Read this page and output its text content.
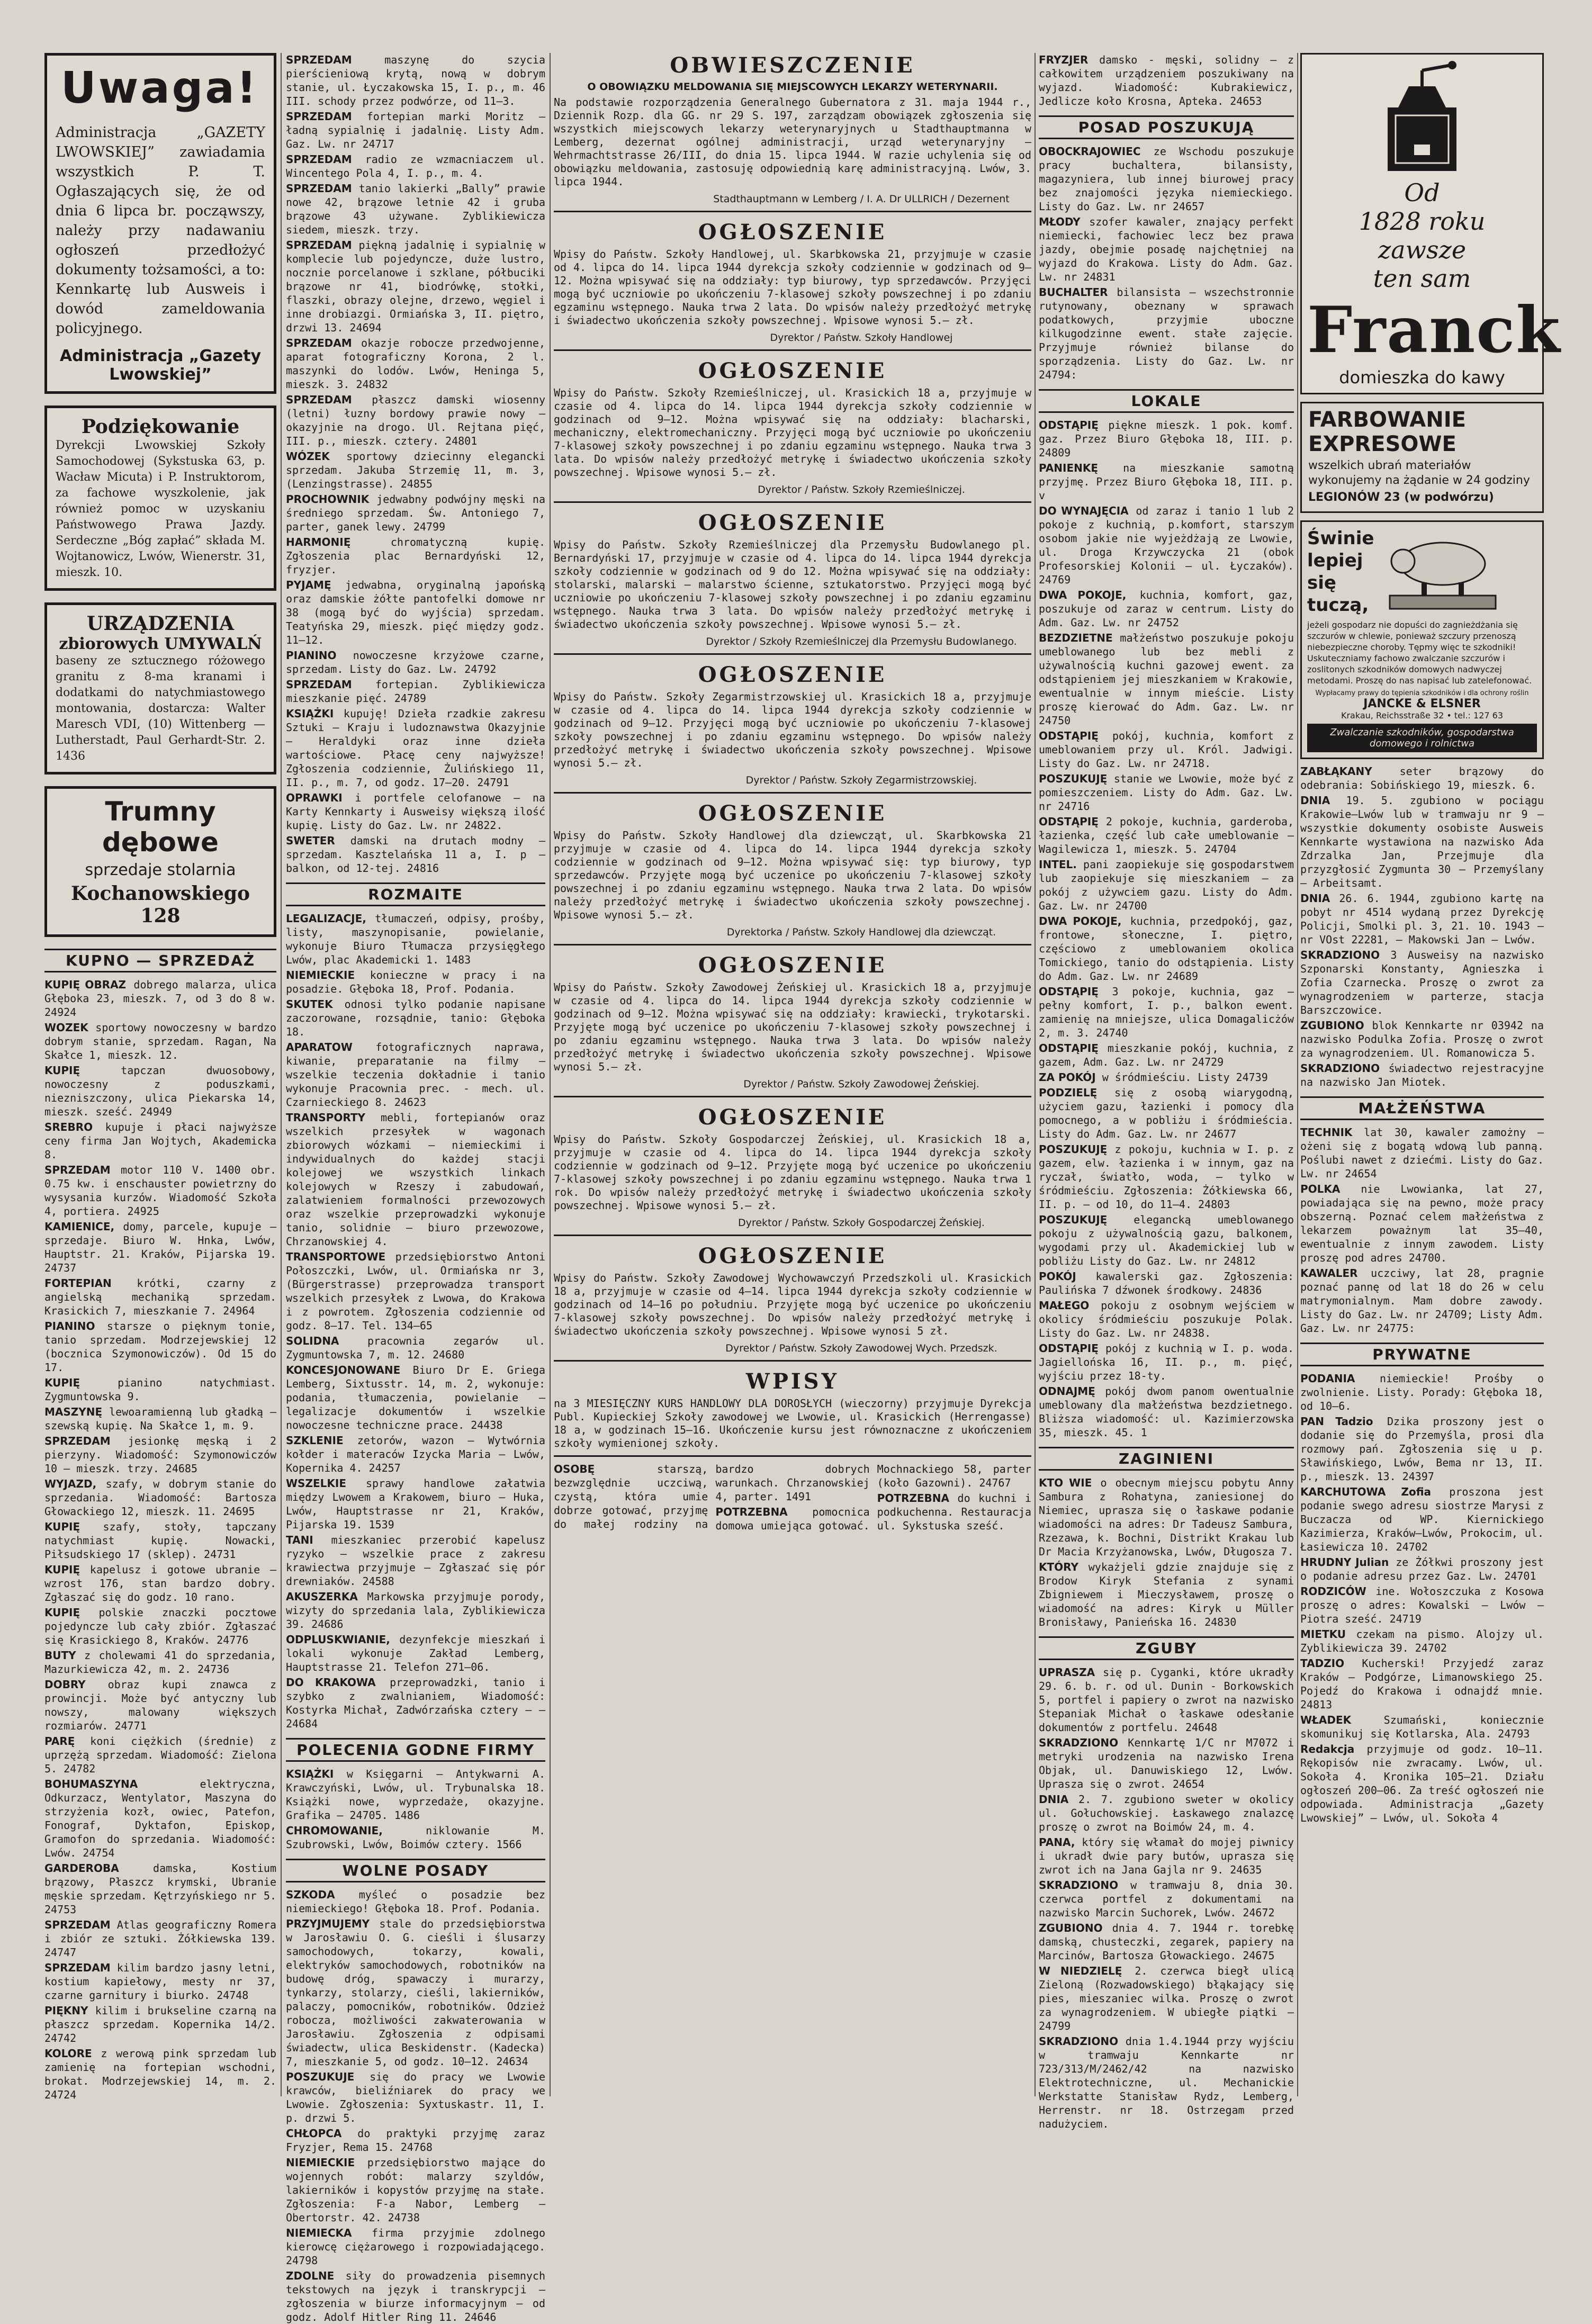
Uwaga!

Administracja „GAZETY LWOWSKIEJ” zawiadamia wszystkich P. T. Ogłaszających się, że od dnia 6 lipca br. począwszy, należy przy nadawaniu ogłoszeń przedłożyć dokumenty tożsamości, a to: Kennkartę lub Ausweis i dowód zameldowania policyjnego.

Administracja „Gazety Lwowskiej”
Podziękowanie

Dyrekcji Lwowskiej Szkoły Samochodowej (Sykstuska 63, p. Wacław Micuta) i P. Instruktorom, za fachowe wyszkolenie, jak również pomoc w uzyskaniu Państwowego Prawa Jazdy. Serdeczne „Bóg zapłać” składa M. Wojtanowicz, Lwów, Wienerstr. 31, mieszk. 10.

URZĄDZENIA
zbiorowych UMYWALŃ

baseny ze sztucznego różowego granitu z 8-ma kranami i dodatkami do natychmiastowego montowania, dostarcza: Walter Maresch VDI, (10) Wittenberg — Lutherstadt, Paul Gerhardt-Str. 2. 1436

Trumny dębowe
sprzedaje stolarnia
Kochanowskiego 128
KUPNO — SPRZEDAŻ

KUPIĘ OBRAZ dobrego malarza, ulica Głęboka 23, mieszk. 7, od 3 do 8 w. 24924

WOZEK sportowy nowoczesny w bardzo dobrym stanie, sprzedam. Ragan, Na Skałce 1, mieszk. 12.

KUPIĘ tapczan dwuosobowy, nowoczesny z poduszkami, niezniszczony, ulica Piekarska 14, mieszk. sześć. 24949

SREBRO kupuje i płaci najwyższe ceny firma Jan Wojtych, Akademicka 8.

SPRZEDAM motor 110 V. 1400 obr. 0.75 kw. i enschauster powietrzny do wysysania kurzów. Wiadomość Szkoła 4, portiera. 24925

KAMIENICE, domy, parcele, kupuje — sprzedaje. Biuro W. Hnka, Lwów, Hauptstr. 21. Kraków, Pijarska 19. 24737

FORTEPIAN krótki, czarny z angielską mechaniką sprzedam. Krasickich 7, mieszkanie 7. 24964

PIANINO starsze o pięknym tonie, tanio sprzedam. Modrzejewskiej 12 (bocznica Szymonowiczów). Od 15 do 17.

KUPIĘ pianino natychmiast. Zygmuntowska 9.

MASZYNĘ lewoaramienną lub gładką — szewską kupię. Na Skałce 1, m. 9.

SPRZEDAM jesionkę męską i 2 pierzyny. Wiadomość: Szymonowiczów 10 — mieszk. trzy. 24685

WYJAZD, szafy, w dobrym stanie do sprzedania. Wiadomość: Bartosza Głowackiego 12, mieszk. 11. 24695

KUPIĘ szafy, stoły, tapczany natychmiast kupię. Nowacki, Piłsudskiego 17 (sklep). 24731

KUPIĘ kapelusz i gotowe ubranie — wzrost 176, stan bardzo dobry. Zgłaszać się do godz. 10 rano.

KUPIĘ polskie znaczki pocztowe pojedyncze lub cały zbiór. Zgłaszać się Krasickiego 8, Kraków. 24776

BUTY z cholewami 41 do sprzedania, Mazurkiewicza 42, m. 2. 24736

DOBRY obraz kupi znawca z prowincji. Może być antyczny lub nowszy, malowany większych rozmiarów. 24771

PARĘ koni ciężkich (średnie) z uprzężą sprzedam. Wiadomość: Zielona 5. 24782

BOHUMASZYNA elektryczna, Odkurzacz, Wentylator, Maszyna do strzyżenia kozł, owiec, Patefon, Fonograf, Dyktafon, Episkop, Gramofon do sprzedania. Wiadomość: Lwów. 24754

GARDEROBA damska, Kostium brązowy, Płaszcz krymski, Ubranie męskie sprzedam. Kętrzyńskiego nr 5. 24753

SPRZEDAM Atlas geograficzny Romera i zbiór ze sztuki. Żółkiewska 139. 24747

SPRZEDAM kilim bardzo jasny letni, kostium kapiełowy, mesty nr 37, czarne garnitury i biurko. 24748

PIĘKNY kilim i brukseline czarną na płaszcz sprzedam. Kopernika 14/2. 24742

KOLORE z werową pink sprzedam lub zamienię na fortepian wschodni, brokat. Modrzejewskiej 14, m. 2. 24724

SPRZEDAM maszynę do szycia pierścieniową krytą, nową w dobrym stanie, ul. Łyczakowska 15, I. p., m. 46 III. schody przez podwórze, od 11—3.

SPRZEDAM fortepian marki Moritz — ładną sypialnię i jadalnię. Listy Adm. Gaz. Lw. nr 24717

SPRZEDAM radio ze wzmacniaczem ul. Wincentego Pola 4, I. p., m. 4.

SPRZEDAM tanio lakierki „Bally” prawie nowe 42, brązowe letnie 42 i gruba brązowe 43 używane. Zyblikiewicza siedem, mieszk. trzy.

SPRZEDAM piękną jadalnię i sypialnię w komplecie lub pojedyncze, duże lustro, nocznie porcelanowe i szklane, półbuciki brązowe nr 41, biodrówkę, stołki, flaszki, obrazy olejne, drzewo, węgiel i inne drobiazgi. Ormiańska 3, II. piętro, drzwi 13. 24694

SPRZEDAM okazje robocze przedwojenne, aparat fotograficzny Korona, 2 l. maszynki do lodów. Lwów, Heninga 5, mieszk. 3. 24832

SPRZEDAM płaszcz damski wiosenny (letni) łuzny bordowy prawie nowy — okazyjnie na drogo. Ul. Rejtana pięć, III. p., mieszk. cztery. 24801

WÓZEK sportowy dziecinny elegancki sprzedam. Jakuba Strzemię 11, m. 3, (Lenzingstrasse). 24855

PROCHOWNIK jedwabny podwójny męski na średniego sprzedam. Św. Antoniego 7, parter, ganek lewy. 24799

HARMONIĘ chromatyczną kupię. Zgłoszenia plac Bernardyński 12, fryzjer.

PYJAMĘ jedwabna, oryginalną japońską oraz damskie żółte pantofelki domowe nr 38 (mogą być do wyjścia) sprzedam. Teatyńska 29, mieszk. pięć między godz. 11—12.

PIANINO nowoczesne krzyżowe czarne, sprzedam. Listy do Gaz. Lw. 24792

SPRZEDAM fortepian. Zyblikiewicza mieszkanie pięć. 24789

KSIĄŻKI kupuję! Dzieła rzadkie zakresu Sztuki — Kraju i ludoznawstwa Okazyjnie — Heraldyki oraz inne dzieła wartościowe. Płacę ceny najwyższe! Zgłoszenia codziennie, Żulińskiego 11, II. p., m. 7, od godz. 17—20. 24791

OPRAWKI i portfele celofanowe — na Karty Kennkarty i Ausweisy większą ilość kupię. Listy do Gaz. Lw. nr 24822.

SWETER damski na drutach modny — sprzedam. Kasztelańska 11 a, I. p — balkon, od 12-tej. 24816

ROZMAITE

LEGALIZACJE, tłumaczeń, odpisy, prośby, listy, maszynopisanie, powielanie, wykonuje Biuro Tłumacza przysięgłego Lwów, plac Akademicki 1. 1483

NIEMIECKIE konieczne w pracy i na posadzie. Głęboka 18, Prof. Podania.

SKUTEK odnosi tylko podanie napisane zaczorowane, rozsądnie, tanio: Głęboka 18.

APARATOW fotograficznych naprawa, kiwanie, preparatanie na filmy — wszelkie teczenia dokładnie i tanio wykonuje Pracownia prec. - mech. ul. Czarnieckiego 8. 24623

TRANSPORTY mebli, fortepianów oraz wszelkich przesyłek w wagonach zbiorowych wózkami — niemieckimi i indywidualnych do każdej stacji kolejowej we wszystkich linkach kolejowych w Rzeszy i zabudowań, zalatwieniem formalności przewozowych oraz wszelkie przeprowadzki wykonuje tanio, solidnie — biuro przewozowe, Chrzanowskiej 4.

TRANSPORTOWE przedsiębiorstwo Antoni Połoszczki, Lwów, ul. Ormiańska nr 3, (Bürgerstrasse) przeprowadza transport wszelkich przesyłek z Lwowa, do Krakowa i z powrotem. Zgłoszenia codziennie od godz. 8—17. Tel. 134—65

SOLIDNA pracownia zegarów ul. Zygmuntowska 7, m. 12. 24680

KONCESJONOWANE Biuro Dr E. Griega Lemberg, Sixtusstr. 14, m. 2, wykonuje: podania, tłumaczenia, powielanie — legalizacje dokumentów i wszelkie nowoczesne techniczne prace. 24438

SZKLENIE zetorów, wazon — Wytwórnia kołder i materaców Izycka Maria — Lwów, Kopernika 4. 24257

WSZELKIE sprawy handlowe załatwia między Lwowem a Krakowem, biuro — Huka, Lwów, Hauptstrasse nr 21, Kraków, Pijarska 19. 1539

TANI mieszkaniec przerobić kapelusz ryzyko — wszelkie prace z zakresu krawiectwa przyjmuje — Zgłaszać się pór drewniaków. 24588

AKUSZERKA Markowska przyjmuje porody, wizyty do sprzedania lala, Zyblikiewicza 39. 24686

ODPLUSKWIANIE, dezynfekcje mieszkań i lokali wykonuje Zakład Lemberg, Hauptstrasse 21. Telefon 271—06.

DO KRAKOWA przeprowadzki, tanio i szybko z zwalnianiem, Wiadomość: Kostyrka Michał, Zadwórzańska cztery — — 24684

POLECENIA GODNE FIRMY

KSIĄŻKI w Księgarni — Antykwarni A. Krawczyński, Lwów, ul. Trybunalska 18. Książki nowe, wyprzedaże, okazyjne. Grafika — 24705. 1486

CHROMOWANIE, niklowanie M. Szubrowski, Lwów, Boimów cztery. 1566

WOLNE POSADY

SZKODA myśleć o posadzie bez niemieckiego! Głęboka 18. Prof. Podania.

PRZYJMUJEMY stale do przedsiębiorstwa w Jarosławiu O. G. cieśli i ślusarzy samochodowych, tokarzy, kowali, elektryków samochodowych, robotników na budowę dróg, spawaczy i murarzy, tynkarzy, stolarzy, cieśli, lakierników, palaczy, pomocników, robotników. Odzież robocza, możliwości zakwaterowania w Jarosławiu. Zgłoszenia z odpisami świadectw, ulica Beskidenstr. (Kadecka) 7, mieszkanie 5, od godz. 10—12. 24634

POSZUKUJE się do pracy we Lwowie krawców, bieliźniarek do pracy we Lwowie. Zgłoszenia: Syxtuskastr. 11, I. p. drzwi 5.

CHŁOPCA do praktyki przyjmę zaraz Fryzjer, Rema 15. 24768

NIEMIECKIE przedsiębiorstwo mające do wojennych robót: malarzy szyldów, lakierników i kopystów przyjmę na stałe. Zgłoszenia: F-a Nabor, Lemberg — Obertorstr. 42. 24738

NIEMIECKA firma przyjmie zdolnego kierowcę ciężarowego i rozpowiadającego. 24798

ZDOLNE siły do prowadzenia pisemnych tekstowych na język i transkrypcji — zgłoszenia w biurze informacyjnym — od godz. Adolf Hitler Ring 11. 24646

OBWIESZCZENIE
O OBOWIĄZKU MELDOWANIA SIĘ MIEJSCOWYCH LEKARZY WETERYNARII.

Na podstawie rozporządzenia Generalnego Gubernatora z 31. maja 1944 r., Dziennik Rozp. dla GG. nr 29 S. 197, zarządzam obowiązek zgłoszenia się wszystkich miejscowych lekarzy weterynaryjnych u Stadthauptmanna w Lemberg, dezernat ogólnej administracji, urząd weterynaryjny — Wehrmachtstrasse 26/III, do dnia 15. lipca 1944. W razie uchylenia się od obowiązku meldowania, zastosuję odpowiednią karę administracyjną. Lwów, 3. lipca 1944.

Stadthauptmann w Lemberg / I. A. Dr ULLRICH / Dezernent
OGŁOSZENIE

Wpisy do Państw. Szkoły Handlowej, ul. Skarbkowska 21, przyjmuje w czasie od 4. lipca do 14. lipca 1944 dyrekcja szkoły codziennie w godzinach od 9—12. Można wpisywać się na oddziały: typ biurowy, typ sprzedawców. Przyjęci mogą być uczniowie po ukończeniu 7-klasowej szkoły powszechnej i po zdaniu egzaminu wstępnego. Nauka trwa 2 lata. Do wpisów należy przedłożyć metrykę i świadectwo ukończenia szkoły powszechnej. Wpisowe wynosi 5.— zł.

Dyrektor / Państw. Szkoły Handlowej
OGŁOSZENIE

Wpisy do Państw. Szkoły Rzemieślniczej, ul. Krasickich 18 a, przyjmuje w czasie od 4. lipca do 14. lipca 1944 dyrekcja szkoły codziennie w godzinach od 9—12. Można wpisywać się na oddziały: blacharski, mechaniczny, elektromechaniczny. Przyjęci mogą być uczniowie po ukończeniu 7-klasowej szkoły powszechnej i po zdaniu egzaminu wstępnego. Nauka trwa 3 lata. Do wpisów należy przedłożyć metrykę i świadectwo ukończenia szkoły powszechnej. Wpisowe wynosi 5.— zł.

Dyrektor / Państw. Szkoły Rzemieślniczej.
OGŁOSZENIE

Wpisy do Państw. Szkoły Rzemieślniczej dla Przemysłu Budowlanego pl. Bernardyński 17, przyjmuje w czasie od 4. lipca do 14. lipca 1944 dyrekcja szkoły codziennie w godzinach od 9 do 12. Można wpisywać się na oddziały: stolarski, malarski — malarstwo ścienne, sztukatorstwo. Przyjęci mogą być uczniowie po ukończeniu 7-klasowej szkoły powszechnej i po zdaniu egzaminu wstępnego. Nauka trwa 3 lata. Do wpisów należy przedłożyć metrykę i świadectwo ukończenia szkoły powszechnej. Wpisowe wynosi 5.— zł.

Dyrektor / Szkoły Rzemieślniczej dla Przemysłu Budowlanego.
OGŁOSZENIE

Wpisy do Państw. Szkoły Zegarmistrzowskiej ul. Krasickich 18 a, przyjmuje w czasie od 4. lipca do 14. lipca 1944 dyrekcja szkoły codziennie w godzinach od 9—12. Przyjęci mogą być uczniowie po ukończeniu 7-klasowej szkoły powszechnej i po zdaniu egzaminu wstępnego. Do wpisów należy przedłożyć metrykę i świadectwo ukończenia szkoły powszechnej. Wpisowe wynosi 5.— zł.

Dyrektor / Państw. Szkoły Zegarmistrzowskiej.
OGŁOSZENIE

Wpisy do Państw. Szkoły Handlowej dla dziewcząt, ul. Skarbkowska 21 przyjmuje w czasie od 4. lipca do 14. lipca 1944 dyrekcja szkoły codziennie w godzinach od 9—12. Można wpisywać się: typ biurowy, typ sprzedawców. Przyjęte mogą być uczenice po ukończeniu 7-klasowej szkoły powszechnej i po zdaniu egzaminu wstępnego. Nauka trwa 2 lata. Do wpisów należy przedłożyć metrykę i świadectwo ukończenia szkoły powszechnej. Wpisowe wynosi 5.— zł.

Dyrektorka / Państw. Szkoły Handlowej dla dziewcząt.
OGŁOSZENIE

Wpisy do Państw. Szkoły Zawodowej Żeńskiej ul. Krasickich 18 a, przyjmuje w czasie od 4. lipca do 14. lipca 1944 dyrekcja szkoły codziennie w godzinach od 9—12. Można wpisywać się na oddziały: krawiecki, trykotarski. Przyjęte mogą być uczenice po ukończeniu 7-klasowej szkoły powszechnej i po zdaniu egzaminu wstępnego. Nauka trwa 3 lata. Do wpisów należy przedłożyć metrykę i świadectwo ukończenia szkoły powszechnej. Wpisowe wynosi 5.— zł.

Dyrektor / Państw. Szkoły Zawodowej Żeńskiej.
OGŁOSZENIE

Wpisy do Państw. Szkoły Gospodarczej Żeńskiej, ul. Krasickich 18 a, przyjmuje w czasie od 4. lipca do 14. lipca 1944 dyrekcja szkoły codziennie w godzinach od 9—12. Przyjęte mogą być uczenice po ukończeniu 7-klasowej szkoły powszechnej i po zdaniu egzaminu wstępnego. Nauka trwa 1 rok. Do wpisów należy przedłożyć metrykę i świadectwo ukończenia szkoły powszechnej. Wpisowe wynosi 5.— zł.

Dyrektor / Państw. Szkoły Gospodarczej Żeńskiej.
OGŁOSZENIE

Wpisy do Państw. Szkoły Zawodowej Wychowawczyń Przedszkoli ul. Krasickich 18 a, przyjmuje w czasie od 4—14. lipca 1944 dyrekcja szkoły codziennie w godzinach od 14—16 po południu. Przyjęte mogą być uczenice po ukończeniu 7-klasowej szkoły powszechnej. Do wpisów należy przedłożyć metrykę i świadectwo ukończenia szkoły powszechnej. Wpisowe wynosi 5 zł.

Dyrektor / Państw. Szkoły Zawodowej Wych. Przedszk.
WPISY

na 3 MIESIĘCZNY KURS HANDLOWY DLA DOROSŁYCH (wieczorny) przyjmuje Dyrekcja Publ. Kupieckiej Szkoły zawodowej we Lwowie, ul. Krasickich (Herrengasse) 18 a, w godzinach 15—16. Ukończenie kursu jest równoznaczne z ukończeniem szkoły wymienionej szkoły.

OSOBĘ starszą, bezwzględnie uczciwą, czystą, która umie dobrze gotować, przyjmę do małej rodziny na bardzo dobrych warunkach. Chrzanowskiej 4, parter. 1491

POTRZEBNA pomocnica domowa umiejąca gotować. Mochnackiego 58, parter (koło Gazowni). 24767

POTRZEBNA do kuchni i podkuchenna. Restauracja ul. Sykstuska sześć.

FRYZJER damsko - męski, solidny — z całkowitem urządzeniem poszukiwany na wyjazd. Wiadomość: Kubrakiewicz, Jedlicze koło Krosna, Apteka. 24653

POSAD POSZUKUJĄ

OBOCKRAJOWIEC ze Wschodu poszukuje pracy buchaltera, bilansisty, magazyniera, lub innej biurowej pracy bez znajomości języka niemieckiego. Listy do Gaz. Lw. nr 24657

MŁODY szofer kawaler, znający perfekt niemiecki, fachowiec lecz bez prawa jazdy, obejmie posadę najchętniej na wyjazd do Krakowa. Listy do Adm. Gaz. Lw. nr 24831

BUCHALTER bilansista — wszechstronnie rutynowany, obeznany w sprawach podatkowych, przyjmie uboczne kilkugodzinne ewent. stałe zajęcie. Przyjmuje również bilanse do sporządzenia. Listy do Gaz. Lw. nr 24794:

LOKALE

ODSTĄPIĘ piękne mieszk. 1 pok. komf. gaz. Przez Biuro Głęboka 18, III. p. 24809

PANIENKĘ na mieszkanie samotną przyjmę. Przez Biuro Głęboka 18, III. p. v

DO WYNAJĘCIA od zaraz i tanio 1 lub 2 pokoje z kuchnią, p.komfort, starszym osobom jakie nie wyjeżdżają ze Lwowie, ul. Droga Krzywczycka 21 (obok Profesorskiej Kolonii — ul. Łyczaków). 24769

DWA POKOJE, kuchnia, komfort, gaz, poszukuje od zaraz w centrum. Listy do Adm. Gaz. Lw. nr 24752

BEZDZIETNE małżeństwo poszukuje pokoju umeblowanego lub bez mebli z używalnością kuchni gazowej ewent. za odstąpieniem jej mieszkaniem w Krakowie, ewentualnie w innym mieście. Listy proszę kierować do Adm. Gaz. Lw. nr 24750

ODSTĄPIĘ pokój, kuchnia, komfort z umeblowaniem przy ul. Król. Jadwigi. Listy do Gaz. Lw. nr 24718.

POSZUKUJĘ stanie we Lwowie, może być z pomieszczeniem. Listy do Adm. Gaz. Lw. nr 24716

ODSTĄPIĘ 2 pokoje, kuchnia, garderoba, łazienka, część lub całe umeblowanie — Wagilewicza 1, mieszk. 5. 24704

INTEL. pani zaopiekuje się gospodarstwem lub zaopiekuje się mieszkaniem — za pokój z używciem gazu. Listy do Adm. Gaz. Lw. nr 24700

DWA POKOJE, kuchnia, przedpokój, gaz, frontowe, słoneczne, I. piętro, częściowo z umeblowaniem okolica Tomickiego, tanio do odstąpienia. Listy do Adm. Gaz. Lw. nr 24689

ODSTĄPIĘ 3 pokoje, kuchnia, gaz — pełny komfort, I. p., balkon ewent. zamienię na mniejsze, ulica Domagalicżów 2, m. 3. 24740

ODSTĄPIĘ mieszkanie pokój, kuchnia, z gazem, Adm. Gaz. Lw. nr 24729

ZA POKÓJ w śródmieściu. Listy 24739

PODZIELĘ się z osobą wiarygodną, użyciem gazu, łazienki i pomocy dla pomocnego, a w pobliżu i śródmieścia. Listy do Adm. Gaz. Lw. nr 24677

POSZUKUJĘ z pokoju, kuchnia w I. p. z gazem, elw. łazienka i w innym, gaz na ryczał, światło, woda, — tylko w śródmieściu. Zgłoszenia: Żółkiewska 66, II. p. — od 10, do 11—4. 24803

POSZUKUJĘ elegancką umeblowanego pokoju z używalnością gazu, balkonem, wygodami przy ul. Akademickiej lub w pobliżu Listy do Gaz. Lw. nr 24812

POKÓJ kawalerski gaz. Zgłoszenia: Paulińska 7 dźwonek środkowy. 24836

MAŁEGO pokoju z osobnym wejściem w okolicy śródmieściu poszukuje Polak. Listy do Gaz. Lw. nr 24838.

ODSTĄPIĘ pokój z kuchnią w I. p. woda. Jagiellońska 16, II. p., m. pięć, wyjściu przez 18-ty.

ODNAJMĘ pokój dwom panom owentualnie umeblowany dla małżeństwa bezdzietnego. Bliższa wiadomość: ul. Kazimierzowska 35, mieszk. 45. 1

ZAGINIENI

KTO WIE o obecnym miejscu pobytu Anny Sambura z Rohatyna, zaniesionej do Niemiec, uprasza się o łaskawe podanie wiadomości na adres: Dr Tadeusz Sambura, Rzezawa, k. Bochni, Distrikt Krakau lub Dr Macia Krzyżanowska, Lwów, Długosza 7.

KTÓRY wykażjeli gdzie znajduje się z Brodow Kiryk Stefania z synami Zbigniewem i Mieczysławem, proszę o wiadomość na adres: Kiryk u Müller Bronisławy, Panieńska 16. 24830

ZGUBY

UPRASZA się p. Cyganki, które ukradły 29. 6. b. r. od ul. Dunin - Borkowskich 5, portfel i papiery o zwrot na nazwisko Stepaniak Michał o łaskawe odesłanie dokumentów z portfelu. 24648

SKRADZIONO Kennkartę 1/C nr M7072 i metryki urodzenia na nazwisko Irena Objak, ul. Danuwiskiego 12, Lwów. Uprasza się o zwrot. 24654

DNIA 2. 7. zgubiono sweter w okolicy ul. Gołuchowskiej. Łaskawego znalazcę proszę o zwrot na Boimów 24, m. 4.

PANA, który się włamał do mojej piwnicy i ukradł dwie pary butów, uprasza się zwrot ich na Jana Gajla nr 9. 24635

SKRADZIONO w tramwaju 8, dnia 30. czerwca portfel z dokumentami na nazwisko Marcin Suchorek, Lwów. 24672

ZGUBIONO dnia 4. 7. 1944 r. torebkę damską, chusteczki, zegarek, papiery na Marcinów, Bartosza Głowackiego. 24675

W NIEDZIELĘ 2. czerwca biegł ulicą Zieloną (Rozwadowskiego) błąkający się pies, mieszaniec wilka. Proszę o zwrot za wynagrodzeniem. W ubiegłe piątki — 24799

SKRADZIONO dnia 1.4.1944 przy wyjściu w tramwaju Kennkarte nr 723/313/M/2462/42 na nazwisko Elektrotechniczne, ul. Mechanickie Werkstatte Stanisław Rydz, Lemberg, Herrenstr. nr 18. Ostrzegam przed nadużyciem.

Od
1828 roku
zawsze
ten sam
Franck
domieszka do kawy
FARBOWANIE EXPRESOWE

wszelkich ubrań materiałów wykonujemy na żądanie w 24 godziny

LEGIONÓW 23 (w podwórzu)

Świnie
lepiej
się
tuczą,

jeżeli gospodarz nie dopuści do zagnieżdżania się szczurów w chlewie, ponieważ szczury przenoszą niebezpieczne choroby. Tępmy więc te szkodniki! Uskuteczniamy fachowo zwalczanie szczurów i zoslitonych szkodników domowych nadwyczej metodami. Proszę do nas napisać lub zatelefonować.

Wypłacamy prawy do tępienia szkodników i dla ochrony roślin
JANCKE & ELSNER
Krakau, Reichsstraße 32 • tel.: 127 63
Zwalczanie szkodników, gospodarstwa domowego i rolnictwa

ZABŁĄKANY seter brązowy do odebrania: Sobińskiego 19, mieszk. 6.

DNIA 19. 5. zgubiono w pociągu Krakowie—Lwów lub w tramwaju nr 9 — wszystkie dokumenty osobiste Ausweis Kennkarte wystawiona na nazwisko Ada Zdrzalka Jan, Przejmuje dla przyzgłosić Zygmunta 30 — Przemyślany — Arbeitsamt.

DNIA 26. 6. 1944, zgubiono kartę na pobyt nr 4514 wydaną przez Dyrekcję Policji, Smolki pl. 3, 21. 10. 1943 — nr VOst 22281, — Makowski Jan — Lwów.

SKRADZIONO 3 Ausweisy na nazwisko Szponarski Konstanty, Agnieszka i Zofia Czarnecka. Proszę o zwrot za wynagrodzeniem w parterze, stacja Barszczowice.

ZGUBIONO blok Kennkarte nr 03942 na nazwisko Podulka Zofia. Proszę o zwrot za wynagrodzeniem. Ul. Romanowicza 5.

SKRADZIONO świadectwo rejestracyjne na nazwisko Jan Miotek.

MAŁŻEŃSTWA

TECHNIK lat 30, kawaler zamożny — ożeni się z bogatą wdową lub panną. Poślubi nawet z dziećmi. Listy do Gaz. Lw. nr 24654

POLKA nie Lwowianka, lat 27, powiadająca się na pewno, może pracy obszerną. Poznać celem małżeństwa z lekarzem poważnym lat 35—40, ewentualnie z innym zawodem. Listy proszę pod adres 24700.

KAWALER uczciwy, lat 28, pragnie poznać pannę od lat 18 do 26 w celu matrymonialnym. Mam dobre zawody. Listy do Gaz. Lw. nr 24709; Listy Adm. Gaz. Lw. nr 24775:

PRYWATNE

PODANIA niemieckie! Prośby o zwolnienie. Listy. Porady: Głęboka 18, od 10—6.

PAN Tadzio Dzika proszony jest o dodanie się do Przemyśla, prosi dla rozmowy pań. Zgłoszenia się u p. Sławińskiego, Lwów, Bema nr 13, II. p., mieszk. 13. 24397

KARCHUTOWA Zofia proszona jest podanie swego adresu siostrze Marysi z Buczacza od WP. Kiernickiego Kazimierza, Kraków—Lwów, Prokocim, ul. Łasiewicza 10. 24702

HRUDNY Julian ze Żółkwi proszony jest o podanie adresu przez Gaz. Lw. 24701

RODZICÓW ine. Wołoszczuka z Kosowa proszę o adres: Kowalski — Lwów — Piotra sześć. 24719

MIETKU czekam na pismo. Alojzy ul. Zyblikiewicza 39. 24702

TADZIO Kucherski! Przyjedź zaraz Kraków — Podgórze, Limanowskiego 25. Pojedź do Krakowa i odnajdź mnie. 24813

WŁADEK Szumański, koniecznie skomunikuj się Kotlarska, Ala. 24793

Redakcja przyjmuje od godz. 10—11. Rękopisów nie zwracamy. Lwów, ul. Sokoła 4. Kronika 105—21. Działu ogłoszeń 200—06. Za treść ogłoszeń nie odpowiada. Administracja „Gazety Lwowskiej” — Lwów, ul. Sokoła 4
